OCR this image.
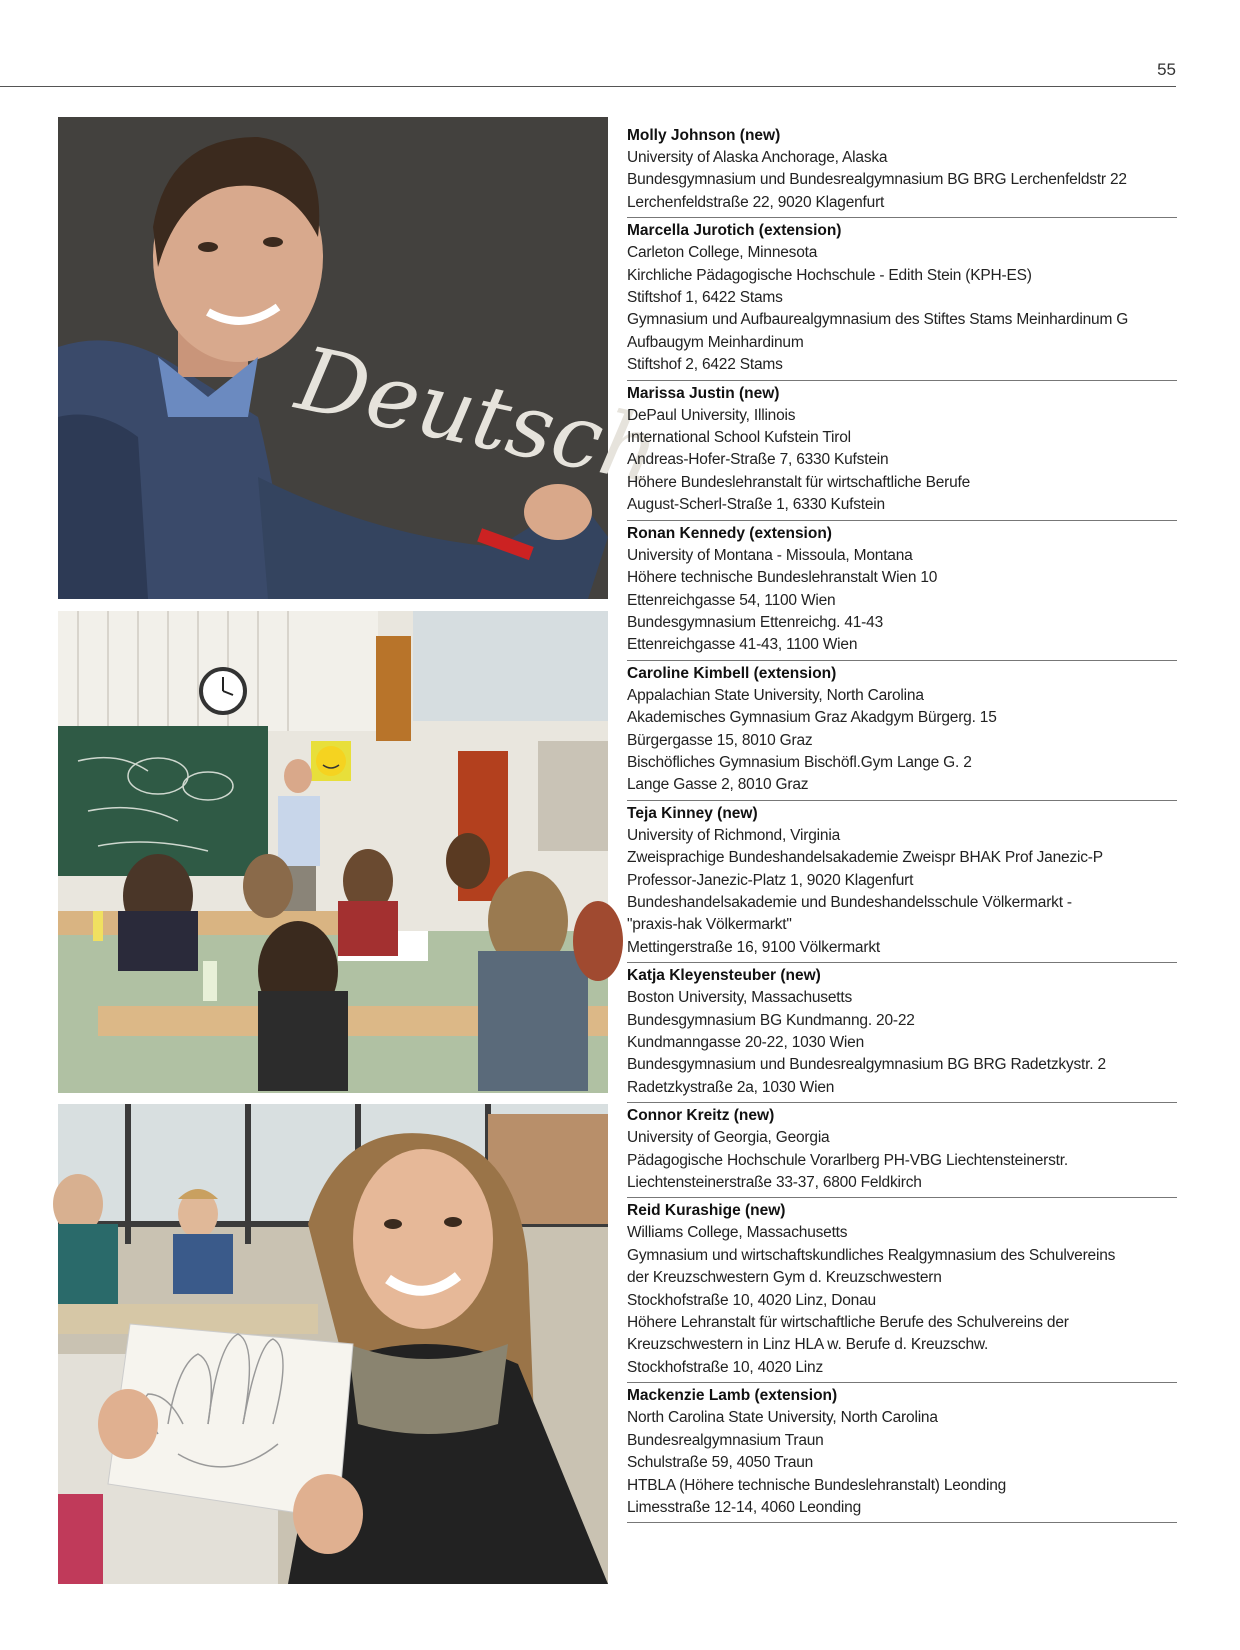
55
Deutsch
Molly Johnson (new)
University of Alaska Anchorage, Alaska
Bundesgymnasium und Bundesrealgymnasium BG BRG Lerchenfeldstr 22
Lerchenfeldstraße 22, 9020 Klagenfurt
Marcella Jurotich (extension)
Carleton College, Minnesota
Kirchliche Pädagogische Hochschule - Edith Stein (KPH-ES)
Stiftshof 1, 6422 Stams
Gymnasium und Aufbaurealgymnasium des Stiftes Stams Meinhardinum G
Aufbaugym Meinhardinum
Stiftshof 2, 6422 Stams
Marissa Justin (new)
DePaul University, Illinois
International School Kufstein Tirol
Andreas-Hofer-Straße 7, 6330 Kufstein
Höhere Bundeslehranstalt für wirtschaftliche Berufe
August-Scherl-Straße 1, 6330 Kufstein
Ronan Kennedy (extension)
University of Montana - Missoula, Montana
Höhere technische Bundeslehranstalt Wien 10
Ettenreichgasse 54, 1100 Wien
Bundesgymnasium Ettenreichg. 41-43
Ettenreichgasse 41-43, 1100 Wien
Caroline Kimbell (extension)
Appalachian State University, North Carolina
Akademisches Gymnasium Graz Akadgym Bürgerg. 15
Bürgergasse 15, 8010 Graz
Bischöfliches Gymnasium Bischöfl.Gym Lange G. 2
Lange Gasse 2, 8010 Graz
Teja Kinney (new)
University of Richmond, Virginia
Zweisprachige Bundeshandelsakademie Zweispr BHAK Prof Janezic-P
Professor-Janezic-Platz 1, 9020 Klagenfurt
Bundeshandelsakademie und Bundeshandelsschule Völkermarkt -
"praxis-hak Völkermarkt"
Mettingerstraße 16, 9100 Völkermarkt
Katja Kleyensteuber (new)
Boston University, Massachusetts
Bundesgymnasium BG Kundmanng. 20-22
Kundmanngasse 20-22, 1030 Wien
Bundesgymnasium und Bundesrealgymnasium BG BRG Radetzkystr. 2
Radetzkystraße 2a, 1030 Wien
Connor Kreitz (new)
University of Georgia, Georgia
Pädagogische Hochschule Vorarlberg PH-VBG Liechtensteinerstr.
Liechtensteinerstraße 33-37, 6800 Feldkirch
Reid Kurashige (new)
Williams College, Massachusetts
Gymnasium und wirtschaftskundliches Realgymnasium des Schulvereins
der Kreuzschwestern Gym d. Kreuzschwestern
Stockhofstraße 10, 4020 Linz, Donau
Höhere Lehranstalt für wirtschaftliche Berufe des Schulvereins der
Kreuzschwestern in Linz HLA w. Berufe d. Kreuzschw.
Stockhofstraße 10, 4020 Linz
Mackenzie Lamb (extension)
North Carolina State University, North Carolina
Bundesrealgymnasium Traun
Schulstraße 59, 4050 Traun
HTBLA (Höhere technische Bundeslehranstalt) Leonding
Limesstraße 12-14, 4060 Leonding
